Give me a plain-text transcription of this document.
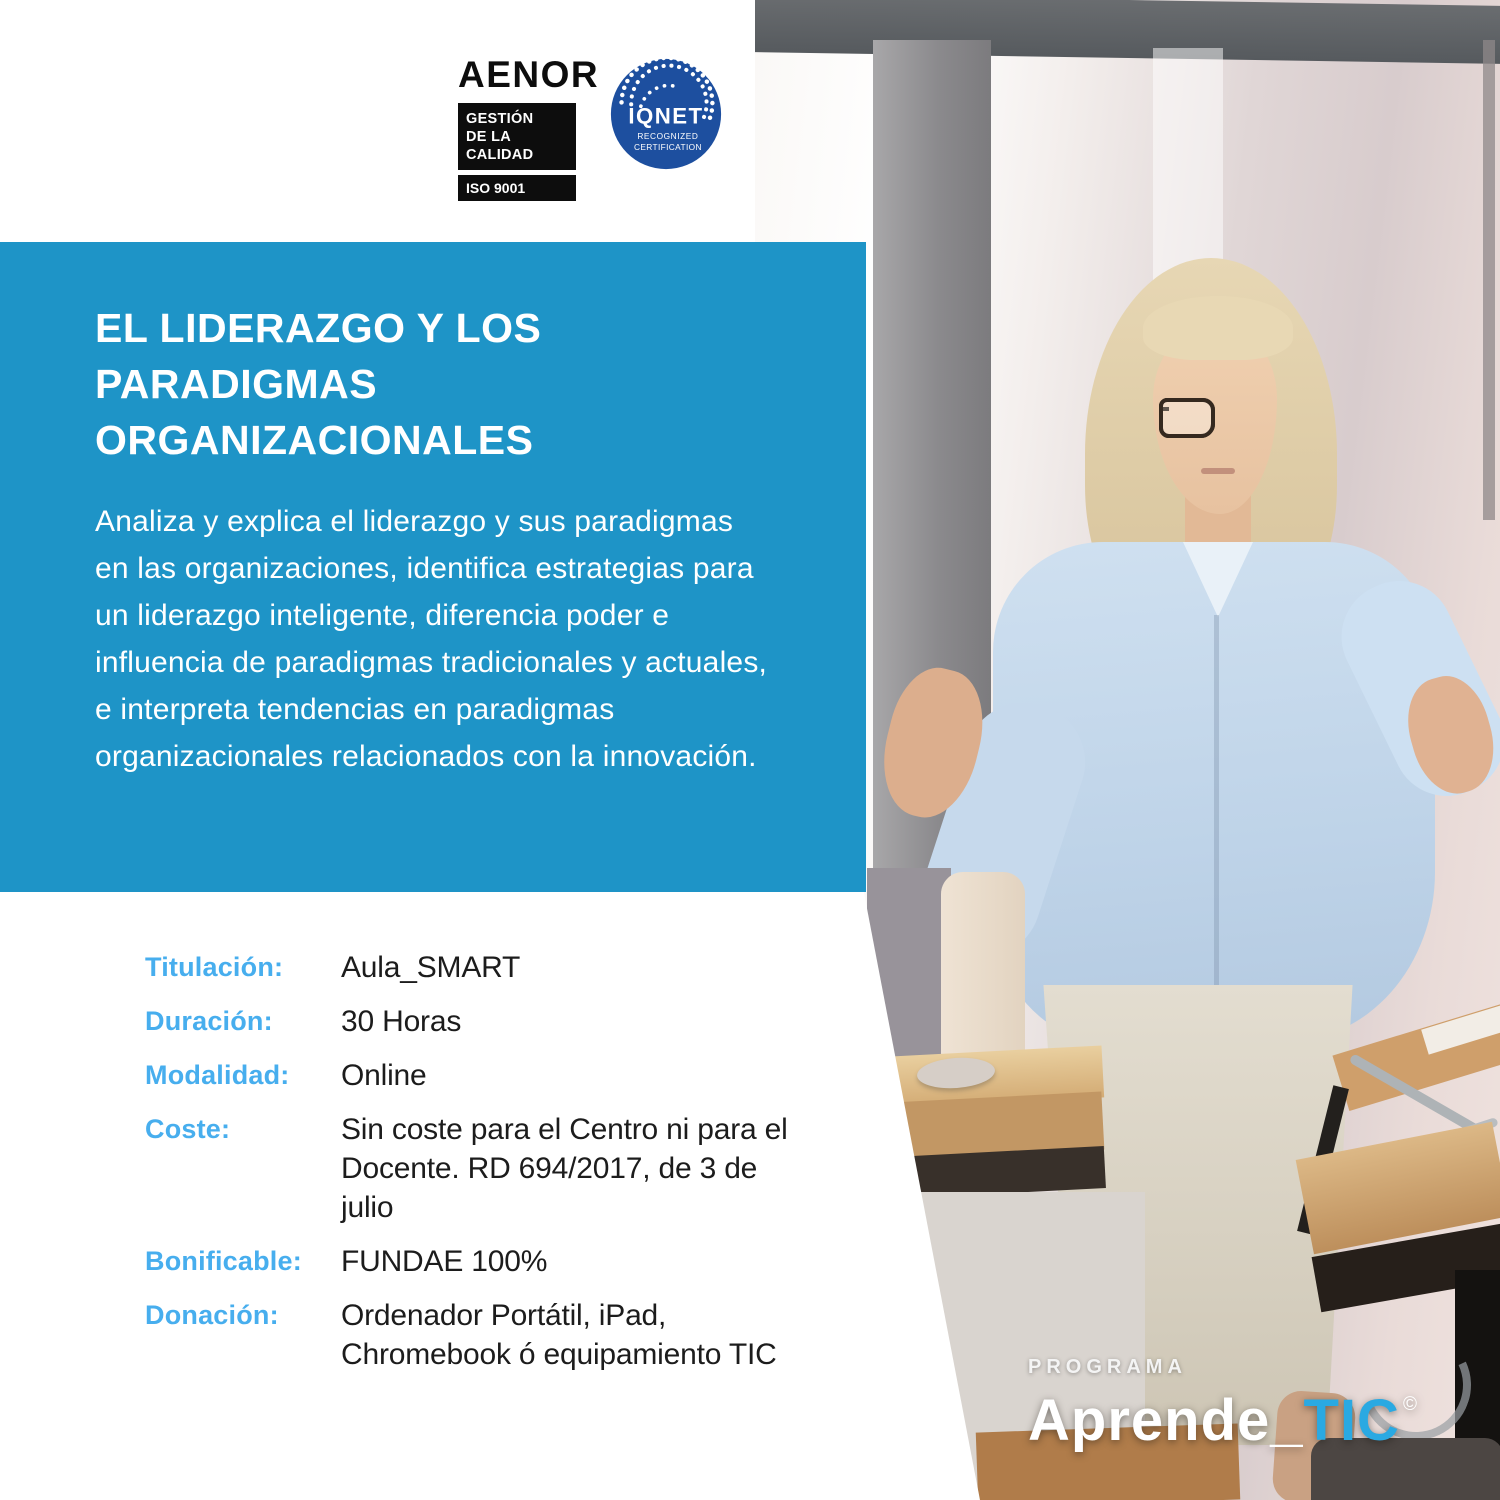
AENOR
GESTIÓN
DE LA CALIDAD
ISO 9001
IQNET
RECOGNIZED
CERTIFICATION
EL LIDERAZGO Y LOS
PARADIGMAS
ORGANIZACIONALES
Analiza y explica el liderazgo y sus paradigmas en las organizaciones, identifica estrategias para un liderazgo inteligente, diferencia poder e influencia de paradigmas tradicionales y actuales, e interpreta tendencias en paradigmas organizacionales relacionados con la innovación.
Titulación:	Aula_SMART
Duración:	30 Horas
Modalidad:	Online
Coste:	Sin coste para el Centro ni para el Docente. RD 694/2017, de 3 de julio
Bonificable:	FUNDAE 100%
Donación:	Ordenador Portátil, iPad, Chromebook ó equipamiento TIC	PROGRAMA
Aprende_TIC ©
